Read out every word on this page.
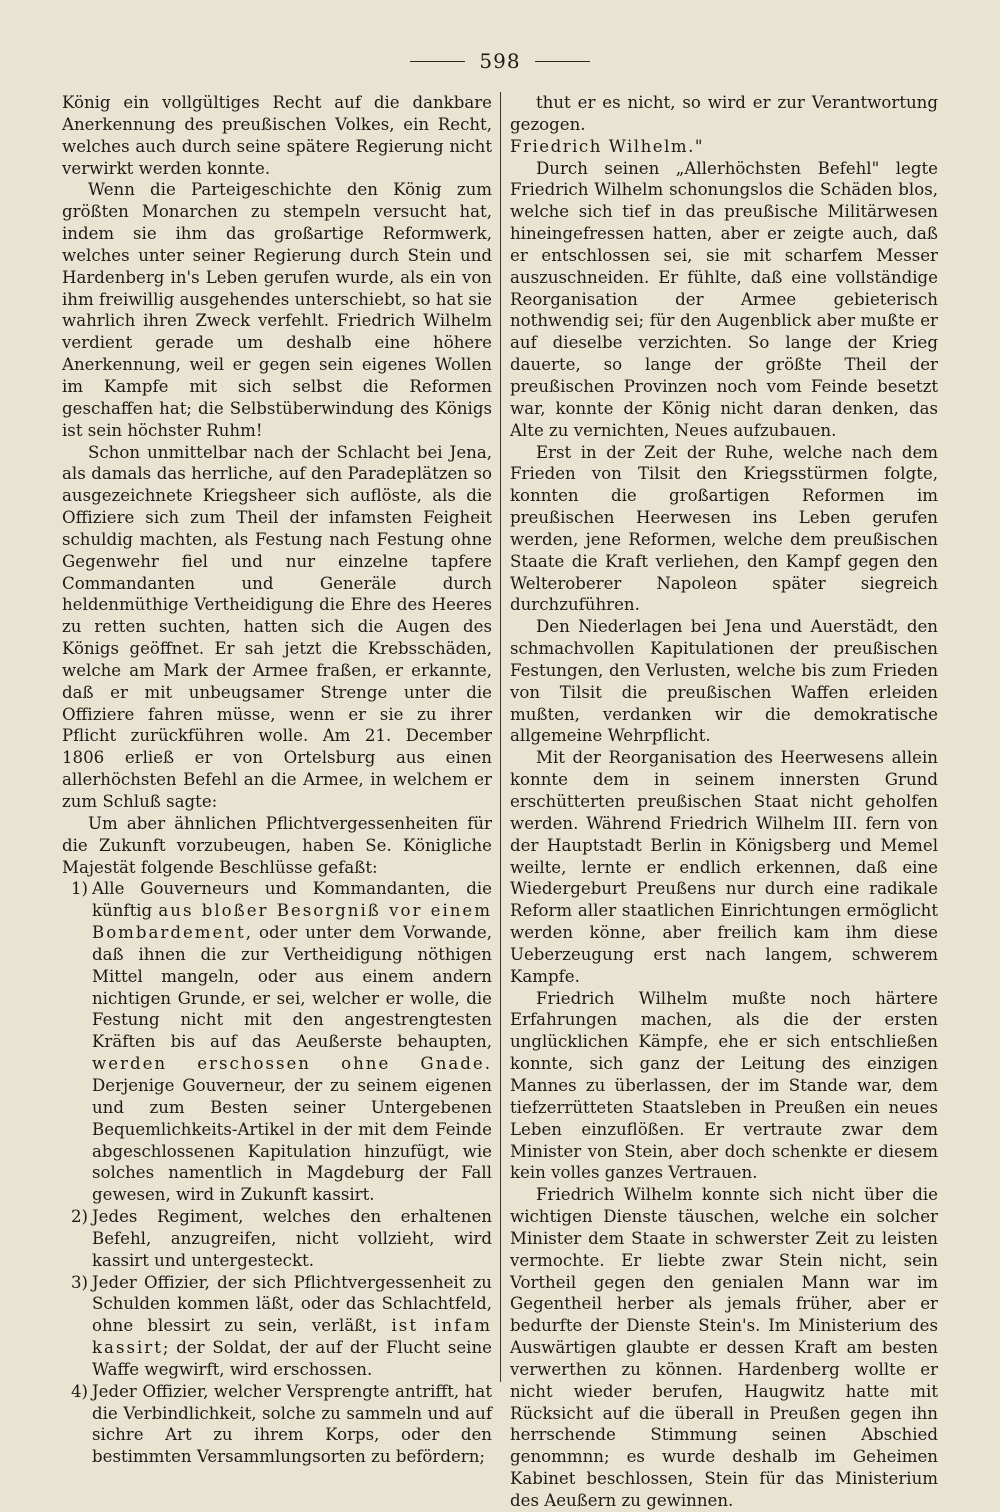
598

König ein vollgültiges Recht auf die dankbare Anerkennung des preußischen Volkes, ein Recht, welches auch durch seine spätere Regierung nicht verwirkt werden konnte.

Wenn die Parteigeschichte den König zum größten Monarchen zu stempeln versucht hat, indem sie ihm das großartige Reformwerk, welches unter seiner Regierung durch Stein und Hardenberg in's Leben gerufen wurde, als ein von ihm freiwillig ausgehendes unterschiebt, so hat sie wahrlich ihren Zweck verfehlt. Friedrich Wilhelm verdient gerade um deshalb eine höhere Anerkennung, weil er gegen sein eigenes Wollen im Kampfe mit sich selbst die Reformen geschaffen hat; die Selbstüberwindung des Königs ist sein höchster Ruhm!

Schon unmittelbar nach der Schlacht bei Jena, als damals das herrliche, auf den Paradeplätzen so ausgezeichnete Kriegsheer sich auflöste, als die Offiziere sich zum Theil der infamsten Feigheit schuldig machten, als Festung nach Festung ohne Gegenwehr fiel und nur einzelne tapfere Commandanten und Generäle durch heldenmüthige Vertheidigung die Ehre des Heeres zu retten suchten, hatten sich die Augen des Königs geöffnet. Er sah jetzt die Krebsschäden, welche am Mark der Armee fraßen, er erkannte, daß er mit unbeugsamer Strenge unter die Offiziere fahren müsse, wenn er sie zu ihrer Pflicht zurückführen wolle. Am 21. December 1806 erließ er von Ortelsburg aus einen allerhöchsten Befehl an die Armee, in welchem er zum Schluß sagte:

Um aber ähnlichen Pflichtvergessenheiten für die Zukunft vorzubeugen, haben Se. Königliche Majestät folgende Beschlüsse gefaßt:

1) Alle Gouverneurs und Kommandanten, die künftig aus bloßer Besorgniß vor einem Bombardement, oder unter dem Vorwande, daß ihnen die zur Vertheidigung nöthigen Mittel mangeln, oder aus einem andern nichtigen Grunde, er sei, welcher er wolle, die Festung nicht mit den angestrengtesten Kräften bis auf das Aeußerste behaupten, werden erschossen ohne Gnade. Derjenige Gouverneur, der zu seinem eigenen und zum Besten seiner Untergebenen Bequemlichkeits-Artikel in der mit dem Feinde abgeschlossenen Kapitulation hinzufügt, wie solches namentlich in Magdeburg der Fall gewesen, wird in Zukunft kassirt.
2) Jedes Regiment, welches den erhaltenen Befehl, anzugreifen, nicht vollzieht, wird kassirt und untergesteckt.
3) Jeder Offizier, der sich Pflichtvergessenheit zu Schulden kommen läßt, oder das Schlachtfeld, ohne blessirt zu sein, verläßt, ist infam kassirt; der Soldat, der auf der Flucht seine Waffe wegwirft, wird erschossen.
4) Jeder Offizier, welcher Versprengte antrifft, hat die Verbindlichkeit, solche zu sammeln und auf sichre Art zu ihrem Korps, oder den bestimmten Versammlungsorten zu befördern;

thut er es nicht, so wird er zur Verantwortung gezogen.

Friedrich Wilhelm."

Durch seinen „Allerhöchsten Befehl" legte Friedrich Wilhelm schonungslos die Schäden blos, welche sich tief in das preußische Militärwesen hineingefressen hatten, aber er zeigte auch, daß er entschlossen sei, sie mit scharfem Messer auszuschneiden. Er fühlte, daß eine vollständige Reorganisation der Armee gebieterisch nothwendig sei; für den Augenblick aber mußte er auf dieselbe verzichten. So lange der Krieg dauerte, so lange der größte Theil der preußischen Provinzen noch vom Feinde besetzt war, konnte der König nicht daran denken, das Alte zu vernichten, Neues aufzubauen.

Erst in der Zeit der Ruhe, welche nach dem Frieden von Tilsit den Kriegsstürmen folgte, konnten die großartigen Reformen im preußischen Heerwesen ins Leben gerufen werden, jene Reformen, welche dem preußischen Staate die Kraft verliehen, den Kampf gegen den Welteroberer Napoleon später siegreich durchzuführen.

Den Niederlagen bei Jena und Auerstädt, den schmachvollen Kapitulationen der preußischen Festungen, den Verlusten, welche bis zum Frieden von Tilsit die preußischen Waffen erleiden mußten, verdanken wir die demokratische allgemeine Wehrpflicht.

Mit der Reorganisation des Heerwesens allein konnte dem in seinem innersten Grund erschütterten preußischen Staat nicht geholfen werden. Während Friedrich Wilhelm III. fern von der Hauptstadt Berlin in Königsberg und Memel weilte, lernte er endlich erkennen, daß eine Wiedergeburt Preußens nur durch eine radikale Reform aller staatlichen Einrichtungen ermöglicht werden könne, aber freilich kam ihm diese Ueberzeugung erst nach langem, schwerem Kampfe.

Friedrich Wilhelm mußte noch härtere Erfahrungen machen, als die der ersten unglücklichen Kämpfe, ehe er sich entschließen konnte, sich ganz der Leitung des einzigen Mannes zu überlassen, der im Stande war, dem tiefzerrütteten Staatsleben in Preußen ein neues Leben einzuflößen. Er vertraute zwar dem Minister von Stein, aber doch schenkte er diesem kein volles ganzes Vertrauen.

Friedrich Wilhelm konnte sich nicht über die wichtigen Dienste täuschen, welche ein solcher Minister dem Staate in schwerster Zeit zu leisten vermochte. Er liebte zwar Stein nicht, sein Vortheil gegen den genialen Mann war im Gegentheil herber als jemals früher, aber er bedurfte der Dienste Stein's. Im Ministerium des Auswärtigen glaubte er dessen Kraft am besten verwerthen zu können. Hardenberg wollte er nicht wieder berufen, Haugwitz hatte mit Rücksicht auf die überall in Preußen gegen ihn herrschende Stimmung seinen Abschied genommnn; es wurde deshalb im Geheimen Kabinet beschlossen, Stein für das Ministerium des Aeußern zu gewinnen.
